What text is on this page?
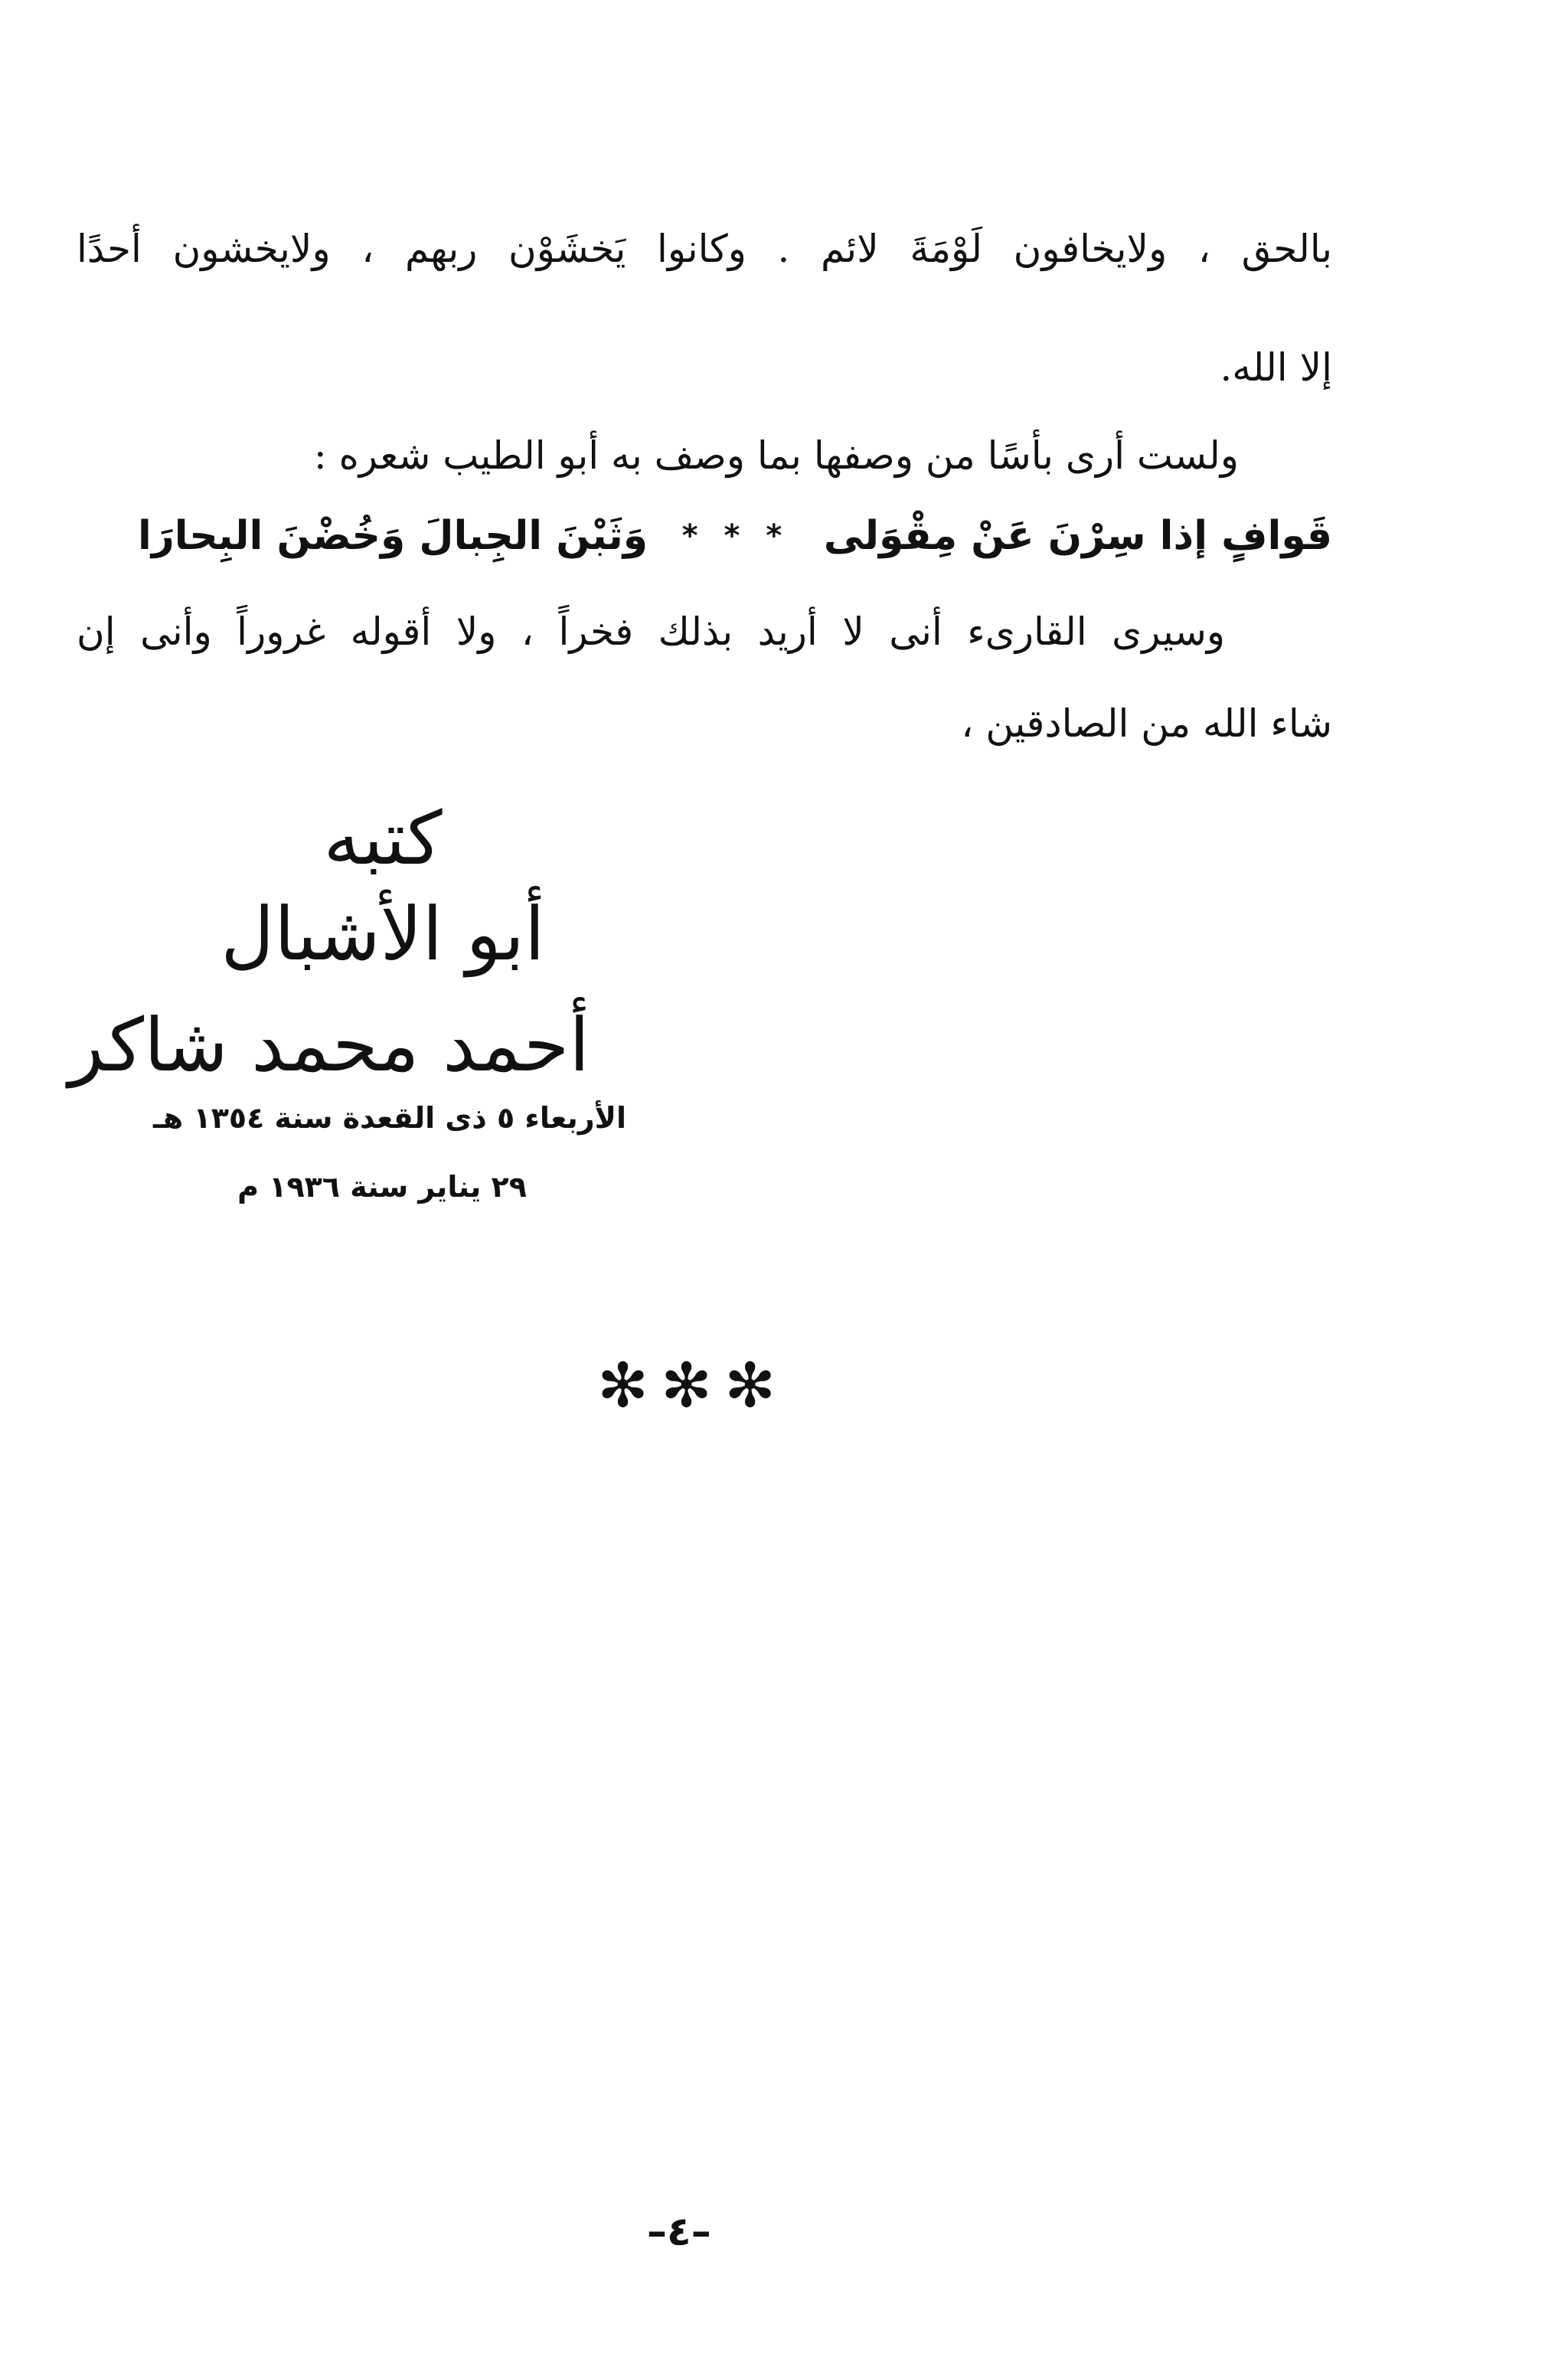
بالحق ، ولايخافون لَوْمَةَ لائم . وكانوا يَخشَوْن ربهم ، ولايخشون أحدًا
إلا الله.
ولست أرى بأسًا من وصفها بما وصف به أبو الطيب شعره :
قَوافٍ إذا سِرْنَ عَنْ مِقْوَلى
* * *
وَثَبْنَ الجِبالَ وَخُضْنَ البِحارَا
وسيرى القارىء أنى لا أريد بذلك فخراً ، ولا أقوله غروراً وأنى إن
شاء الله من الصادقين ،
كتبه
أبو الأشبال
أحمد محمد شاكر
الأربعاء ٥ ذى القعدة سنة ١٣٥٤ هـ
٢٩ يناير سنة ١٩٣٦ م
✻✻✻
–٤–
